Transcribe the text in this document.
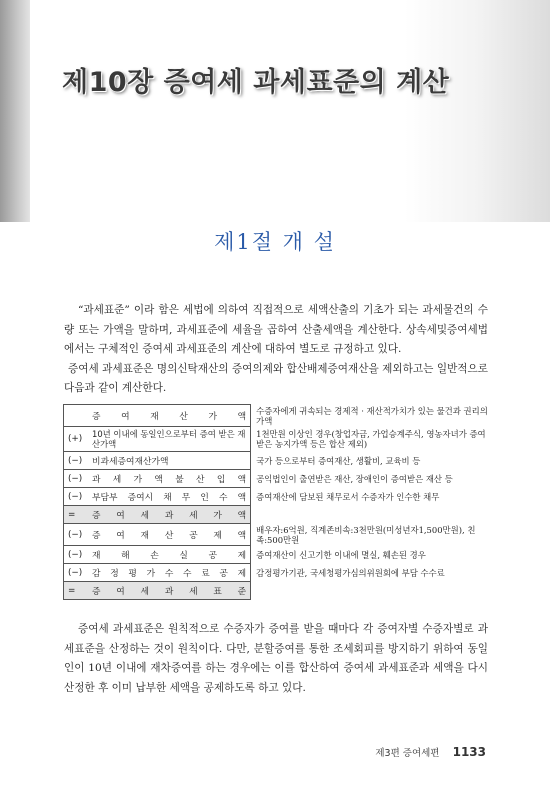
제10장 증여세 과세표준의 계산
제1절 개 설

“과세표준” 이라 함은 세법에 의하여 직접적으로 세액산출의 기초가 되는 과세물건의 수량 또는 가액을 말하며, 과세표준에 세율을 곱하여 산출세액을 계산한다. 상속세및증여세법에서는 구체적인 증여세 과세표준의 계산에 대하여 별도로 규정하고 있다.
증여세 과세표준은 명의신탁재산의 증여의제와 합산배제증여재산을 제외하고는 일반적으로 다음과 같이 계산한다.

증 여 재 산 가 액	수증자에게 귀속되는 경제적 · 재산적가치가 있는 물건과 권리의 가액

(+) 10년 이내에 동일인으로부터 증여 받은 재산가액	1천만원 이상인 경우(창업자금, 가업승계주식, 영농자녀가 증여받은 농지가액 등은 합산 제외)

(−) 비과세증여재산가액	국가 등으로부터 증여재산, 생활비, 교육비 등

(−) 과 세 가 액 불 산 입 액	공익법인이 출연받은 재산, 장애인이 증여받은 재산 등

(−) 부담부 증여시 채 무 인 수 액	증여재산에 담보된 채무로서 수증자가 인수한 채무

= 증 여 세 과 세 가 액	

(−) 증 여 재 산 공 제 액	배우자:6억원, 직계존비속:3천만원(미성년자1,500만원), 친족:500만원

(−) 재 해 손 실 공 제	증여재산이 신고기한 이내에 멸실, 훼손된 경우

(−) 감 정 평 가 수 수 료 공 제	감정평가기관, 국세청평가심의위원회에 부담 수수료

= 증 여 세 과 세 표 준	

증여세 과세표준은 원칙적으로 수증자가 증여를 받을 때마다 각 증여자별 수증자별로 과세표준을 산정하는 것이 원칙이다. 다만, 분할증여를 통한 조세회피를 방지하기 위하여 동일인이 10년 이내에 재차증여를 하는 경우에는 이를 합산하여 증여세 과세표준과 세액을 다시 산정한 후 이미 납부한 세액을 공제하도록 하고 있다.

제3편 증여세편 1133
